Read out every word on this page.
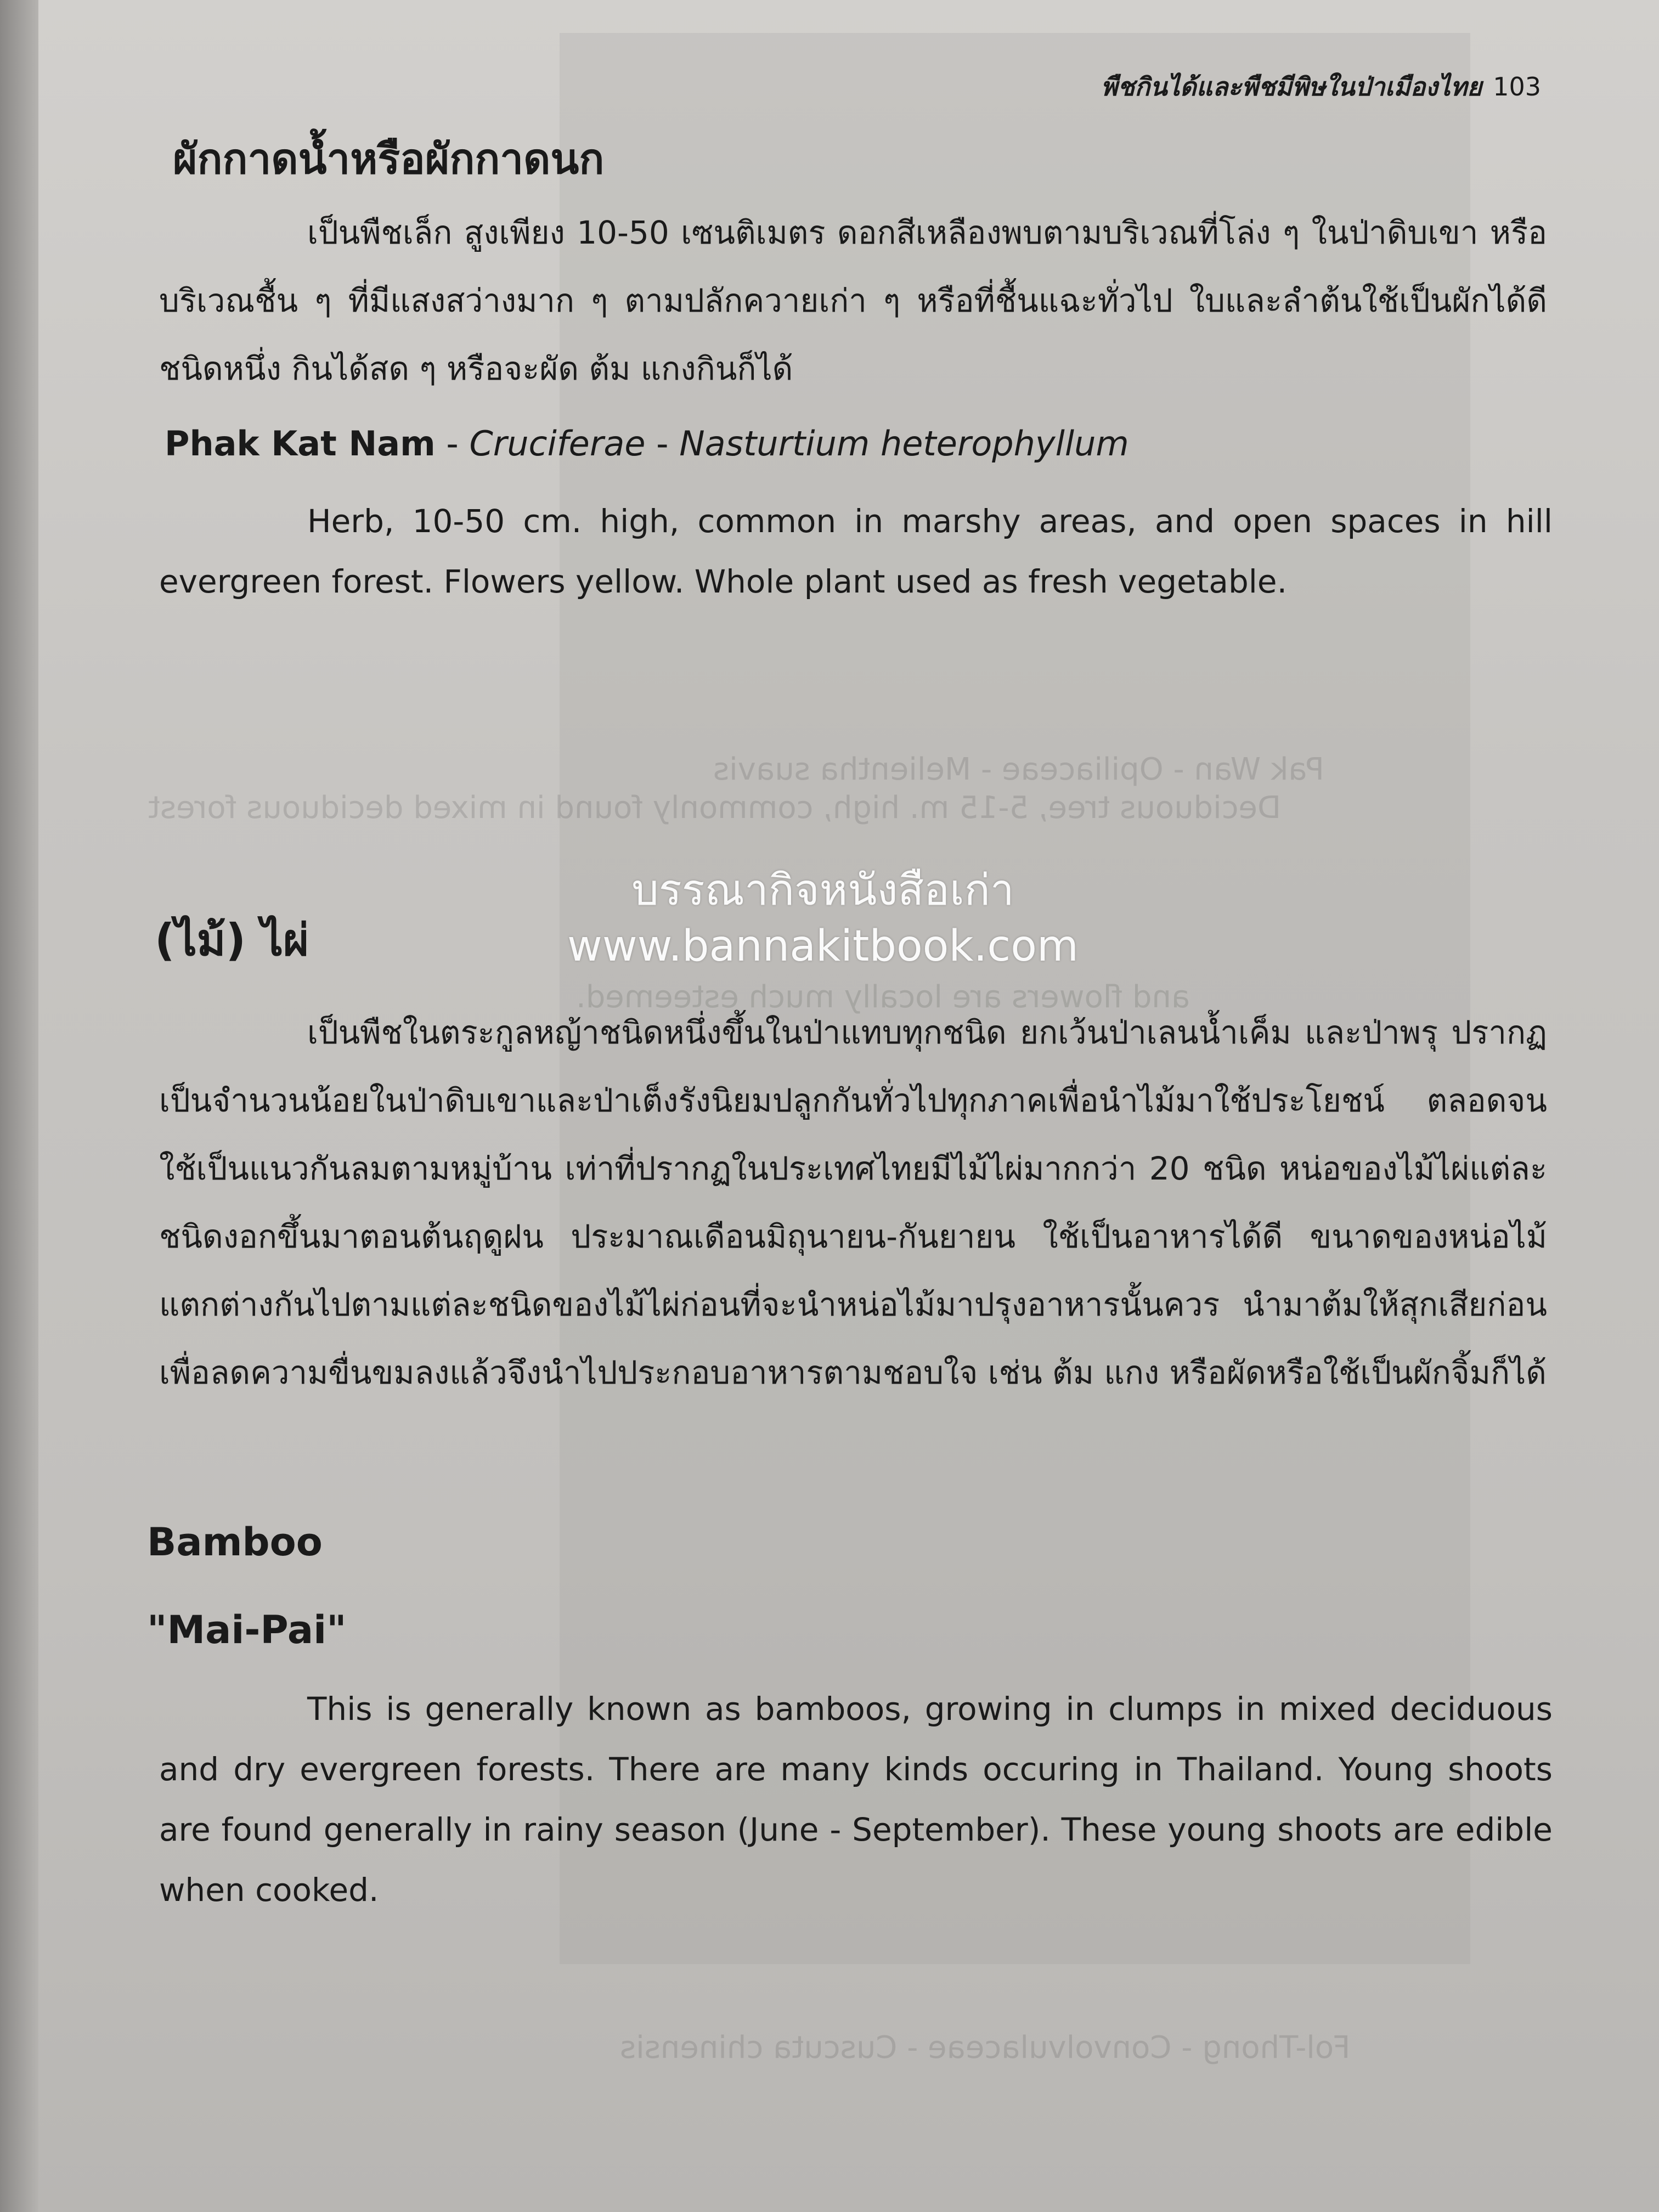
Pak Wan - Opiliaceae - Melientha suavis
Deciduous tree, 5-15 m. high, commonly found in mixed deciduous forest
and flowers are locally much esteemed.
Fol-Thong - Convolvulaceae - Cuscuta chinensis
พืชกินได้และพืชมีพิษในป่าเมืองไทย 103
ผักกาดน้ำหรือผักกาดนก

เป็นพืชเล็ก สูงเพียง 10-50 เซนติเมตร ดอกสีเหลืองพบตามบริเวณที่โล่ง ๆ ในป่าดิบเขา หรือบริเวณชื้น ๆ ที่มีแสงสว่างมาก ๆ ตามปลักควายเก่า ๆ หรือที่ชื้นแฉะทั่วไป ใบและลำต้นใช้เป็นผักได้ดีชนิดหนึ่ง กินได้สด ๆ หรือจะผัด ต้ม แกงกินก็ได้

Phak Kat Nam - Cruciferae - Nasturtium heterophyllum

Herb, 10-50 cm. high, common in marshy areas, and open spaces in hill evergreen forest. Flowers yellow. Whole plant used as fresh vegetable.

(ไม้) ไผ่
บรรณากิจหนังสือเก่า
www.bannakitbook.com

เป็นพืชในตระกูลหญ้าชนิดหนึ่งขึ้นในป่าแทบทุกชนิด ยกเว้นป่าเลนน้ำเค็ม และป่าพรุ ปรากฏเป็นจำนวนน้อยในป่าดิบเขาและป่าเต็งรังนิยมปลูกกันทั่วไปทุกภาคเพื่อนำไม้มาใช้ประโยชน์ ตลอดจนใช้เป็นแนวกันลมตามหมู่บ้าน เท่าที่ปรากฏในประเทศไทยมีไม้ไผ่มากกว่า 20 ชนิด หน่อของไม้ไผ่แต่ละชนิดงอกขึ้นมาตอนต้นฤดูฝน ประมาณเดือนมิถุนายน-กันยายน ใช้เป็นอาหารได้ดี ขนาดของหน่อไม้แตกต่างกันไปตามแต่ละชนิดของไม้ไผ่ก่อนที่จะนำหน่อไม้มาปรุงอาหารนั้นควร นำมาต้มให้สุกเสียก่อน เพื่อลดความขื่นขมลงแล้วจึงนำไปประกอบอาหารตามชอบใจ เช่น ต้ม แกง หรือผัดหรือใช้เป็นผักจิ้มก็ได้

Bamboo
"Mai-Pai"

This is generally known as bamboos, growing in clumps in mixed deciduous and dry evergreen forests. There are many kinds occuring in Thailand. Young shoots are found generally in rainy season (June - September). These young shoots are edible when cooked.
